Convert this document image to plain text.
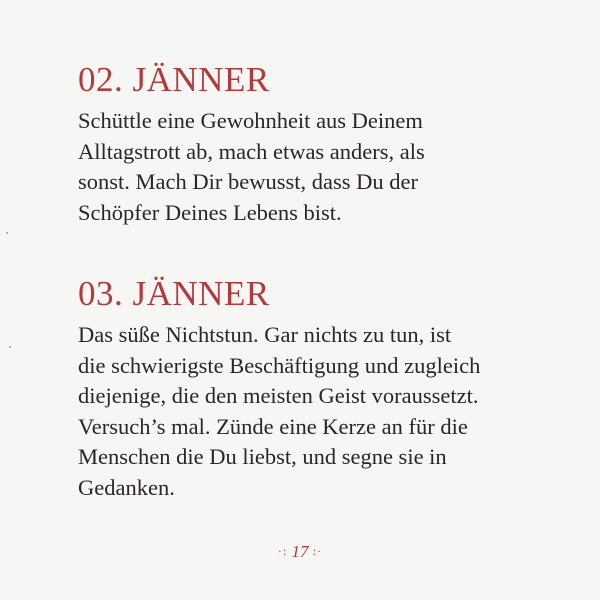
02. JÄNNER

Schüttle eine Gewohnheit aus Deinem
Alltagstrott ab, mach etwas anders, als
sonst. Mach Dir bewusst, dass Du der
Schöpfer Deines Lebens bist.

03. JÄNNER

Das süße Nichtstun. Gar nichts zu tun, ist
die schwierigste Beschäftigung und zugleich
diejenige, die den meisten Geist voraussetzt.
Versuch’s mal. Zünde eine Kerze an für die
Menschen die Du liebst, und segne sie in
Gedanken.

·: 17 :·
